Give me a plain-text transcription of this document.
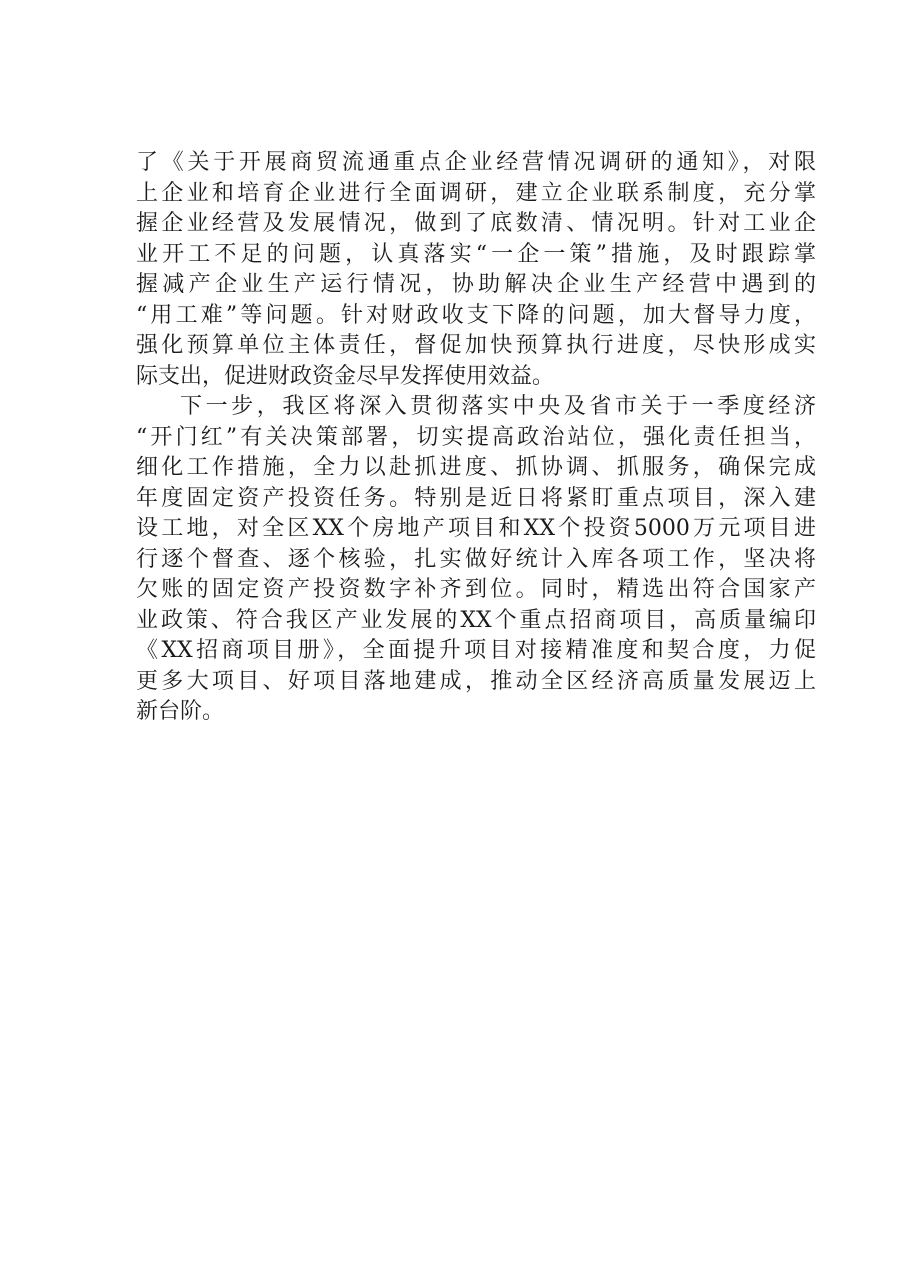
了《关于开展商贸流通重点企业经营情况调研的通知》，对限
上企业和培育企业进行全面调研，建立企业联系制度，充分掌
握企业经营及发展情况，做到了底数清、情况明。针对工业企
业开工不足的问题，认真落实“一企一策”措施，及时跟踪掌
握减产企业生产运行情况，协助解决企业生产经营中遇到的
“用工难”等问题。针对财政收支下降的问题，加大督导力度，
强化预算单位主体责任，督促加快预算执行进度，尽快形成实
际支出，促进财政资金尽早发挥使用效益。
下一步，我区将深入贯彻落实中央及省市关于一季度经济
“开门红”有关决策部署，切实提高政治站位，强化责任担当，
细化工作措施，全力以赴抓进度、抓协调、抓服务，确保完成
年度固定资产投资任务。特别是近日将紧盯重点项目，深入建
设工地，对全区XX个房地产项目和XX个投资5000万元项目进
行逐个督查、逐个核验，扎实做好统计入库各项工作，坚决将
欠账的固定资产投资数字补齐到位。同时，精选出符合国家产
业政策、符合我区产业发展的XX个重点招商项目，高质量编印
《XX招商项目册》，全面提升项目对接精准度和契合度，力促
更多大项目、好项目落地建成，推动全区经济高质量发展迈上
新台阶。
